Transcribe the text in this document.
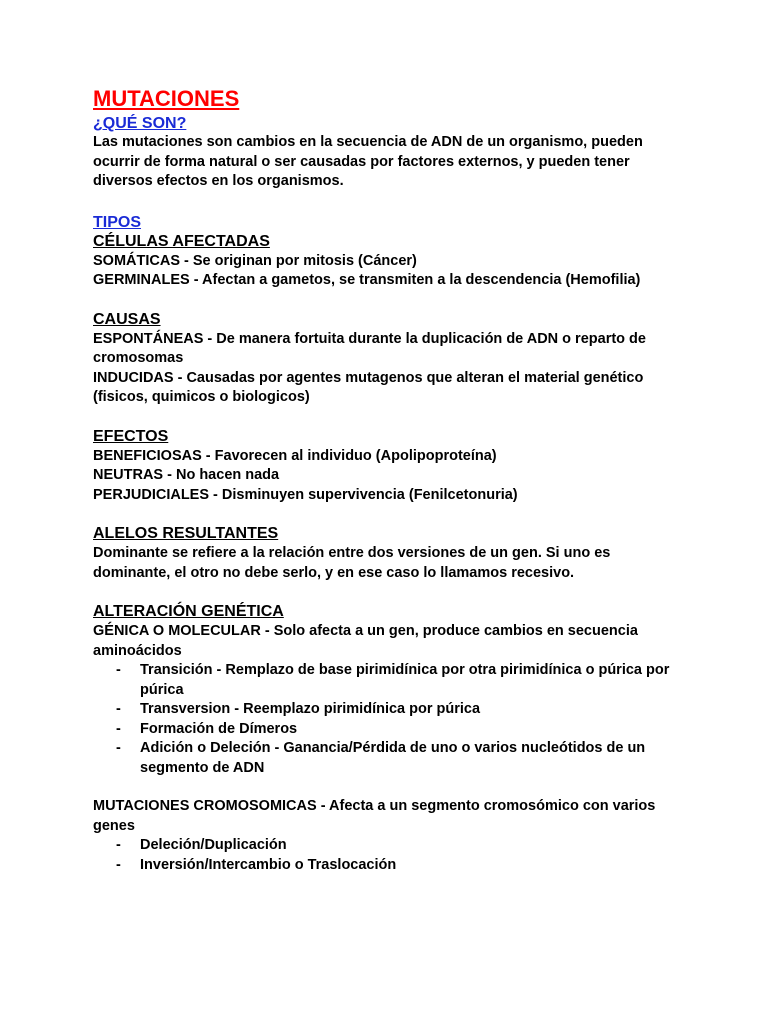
MUTACIONES
¿QUÉ SON?

Las mutaciones son cambios en la secuencia de ADN de un organismo, pueden ocurrir de forma natural o ser causadas por factores externos, y pueden tener diversos efectos en los organismos.

TIPOS
CÉLULAS AFECTADAS

SOMÁTICAS - Se originan por mitosis (Cáncer)

GERMINALES - Afectan a gametos, se transmiten a la descendencia (Hemofilia)

CAUSAS

ESPONTÁNEAS - De manera fortuita durante la duplicación de ADN o reparto de cromosomas

INDUCIDAS - Causadas por agentes mutagenos que alteran el material genético (fisicos, quimicos o biologicos)

EFECTOS

BENEFICIOSAS - Favorecen al individuo (Apolipoproteína)

NEUTRAS - No hacen nada

PERJUDICIALES - Disminuyen supervivencia (Fenilcetonuria)

ALELOS RESULTANTES

Dominante se refiere a la relación entre dos versiones de un gen. Si uno es dominante, el otro no debe serlo, y en ese caso lo llamamos recesivo.

ALTERACIÓN GENÉTICA

GÉNICA O MOLECULAR - Solo afecta a un gen, produce cambios en secuencia aminoácidos

- Transición - Remplazo de base pirimidínica por otra pirimidínica o púrica por púrica
- Transversion - Reemplazo pirimidínica por púrica
- Formación de Dímeros
- Adición o Deleción - Ganancia/Pérdida de uno o varios nucleótidos de un segmento de ADN

MUTACIONES CROMOSOMICAS - Afecta a un segmento cromosómico con varios genes

- Deleción/Duplicación
- Inversión/Intercambio o Traslocación
